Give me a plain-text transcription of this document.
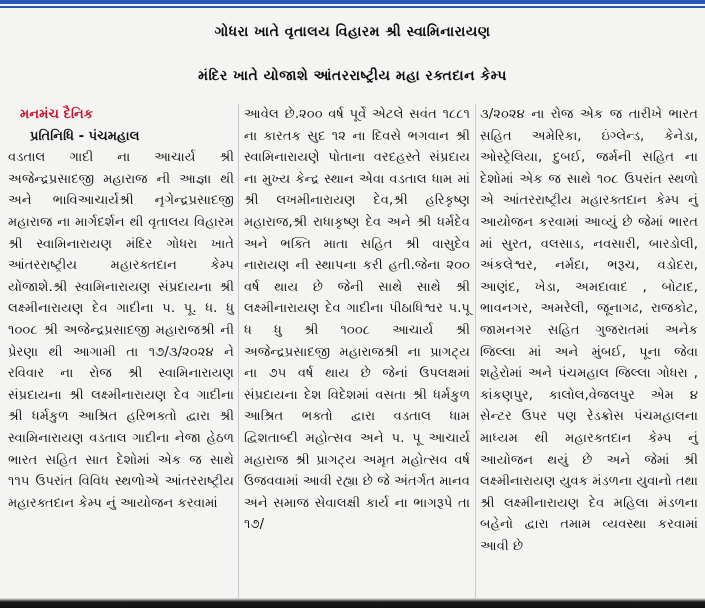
ગોધરા ખાતે વૃતાલય વિહારમ શ્રી સ્વામિનારાયણ
મંદિર ખાતે યોજાશે આંતરરાષ્ટ્રીય મહા રક્તદાન કેમ્પ
મનમંચ દૈનિક
પ્રતિનિધિ - પંચમહાલ

વડતાલ ગાદી ના આચાર્ય શ્રી અજેન્દ્રપ્રસાદજી મહારાજ ની આજ્ઞા થી અને ભાવિઆચાર્યશ્રી નૃગેન્દ્રપ્રસાદજી મહારાજ ના માર્ગદર્શન થી વૃતાલય વિહારમ શ્રી સ્વામિનારાયણ મંદિર ગોધરા ખાતે આંતરરાષ્ટ્રીય મહારક્તદાન કેમ્પ યોજાશે.શ્રી સ્વામિનારાયણ સંપ્રદાયના શ્રી લક્ષ્મીનારાયણ દેવ ગાદીના પ. પૂ. ધ. ધુ ૧૦૦૮ શ્રી અજેન્દ્રપ્રસાદજી મહારાજશ્રી ની પ્રેરણા થી આગામી તા ૧૭/૩/૨૦૨૪ ને રવિવાર ના રોજ શ્રી સ્વામિનારાયણ સંપ્રદાયના શ્રી લક્ષ્મીનારાયણ દેવ ગાદીના શ્રી ધર્મકુળ આશ્રિત હરિભક્તો દ્વારા શ્રી સ્વામિનારાયણ વડતાલ ગાદીના નેજા હેઠળ ભારત સહિત સાત દેશોમાં એક જ સાથે ૧૧૫ ઉપરાંત વિવિધ સ્થળોએ આંતરરાષ્ટ્રીય મહારક્તદાન કેમ્પ નું આયોજન કરવામાં

આવેલ છે.૨૦૦ વર્ષ પૂર્વે એટલે સવંત ૧૮૮૧ ના કારતક સુદ ૧૨ ના દિવસે ભગવાન શ્રી સ્વામિનારાયણે પોતાના વરદહસ્તે સંપ્રદાય ના મુખ્ય કેન્દ્ર સ્થાન એવા વડતાલ ધામ માં શ્રી લખમીનારાયણ દેવ,શ્રી હરિકૃષ્ણ મહારાજ,શ્રી રાધાકૃષ્ણ દેવ અને શ્રી ધર્મદેવ અને ભક્તિ માતા સહિત શ્રી વાસુદેવ નારાયણ ની સ્થાપના કરી હતી.જેના ૨૦૦ વર્ષ થાય છે જેની સાથે સાથે શ્રી લક્ષ્મીનારાયણ દેવ ગાદીના પીઠાધિશ્વર પ.પૂ ધ ધુ શ્રી ૧૦૦૮ આચાર્ય શ્રી અજેન્દ્રપ્રસાદજી મહારાજશ્રી ના પ્રાગટ્ય ના ૭૫ વર્ષ થાય છે જેનાં ઉપલક્ષમાં સંપ્રદાયના દેશ વિદેશમાં વસતા શ્રી ધર્મકુળ આશ્રિત ભક્તો દ્વારા વડતાલ ધામ દ્વિશતાબ્દી મહોત્સવ અને પ. પૂ આચાર્ય મહારાજ શ્રી પ્રાગટ્ય અમૃત મહોત્સવ વર્ષ ઉજવવામાં આવી રહ્યા છે જે અંતર્ગત માનવ અને સમાજ સેવાલક્ષી કાર્ય ના ભાગરૂપે તા ૧૭/

૩/૨૦૨૪ ના રોજ એક જ તારીખે ભારત સહિત અમેરિકા, ઇંગ્લેન્ડ, કેનેડા, ઓસ્ટ્રેલિયા, દુબઈ, જર્મની સહિત ના દેશોમાં એક જ સાથે ૧૦૮ ઉપરાંત સ્થળો એ આંતરરાષ્ટ્રીય મહારક્તદાન કેમ્પ નું આયોજન કરવામાં આવ્યું છે જેમાં ભારત માં સુરત, વલસાડ, નવસારી, બારડોલી, અંકલેશ્વર, નર્મદા, ભરૂચ, વડોદરા, આણંદ, ખેડા, અમદાવાદ , બોટાદ, ભાવનગર, અમરેલી, જૂનાગઢ, રાજકોટ, જામનગર સહિત ગુજરાતમાં અનેક જિલ્લા માં અને મુંબઈ, પૂના જેવા શહેરોમાં અને પંચમહાલ જિલ્લા ગોધરા , કાંકણપુર, કાલોલ,વેજલપુર એમ ૪ સેન્ટર ઉપર પણ રેડક્રોસ પંચમહાલના માધ્યમ થી મહારક્તદાન કેમ્પ નું આયોજન થયું છે અને જેમાં શ્રી લક્ષ્મીનારાયણ યુવક મંડળના યુવાનો તથા શ્રી લક્ષ્મીનારાયણ દેવ મહિલા મંડળના બહેનો દ્વારા તમામ વ્યવસ્થા કરવામાં આવી છે
